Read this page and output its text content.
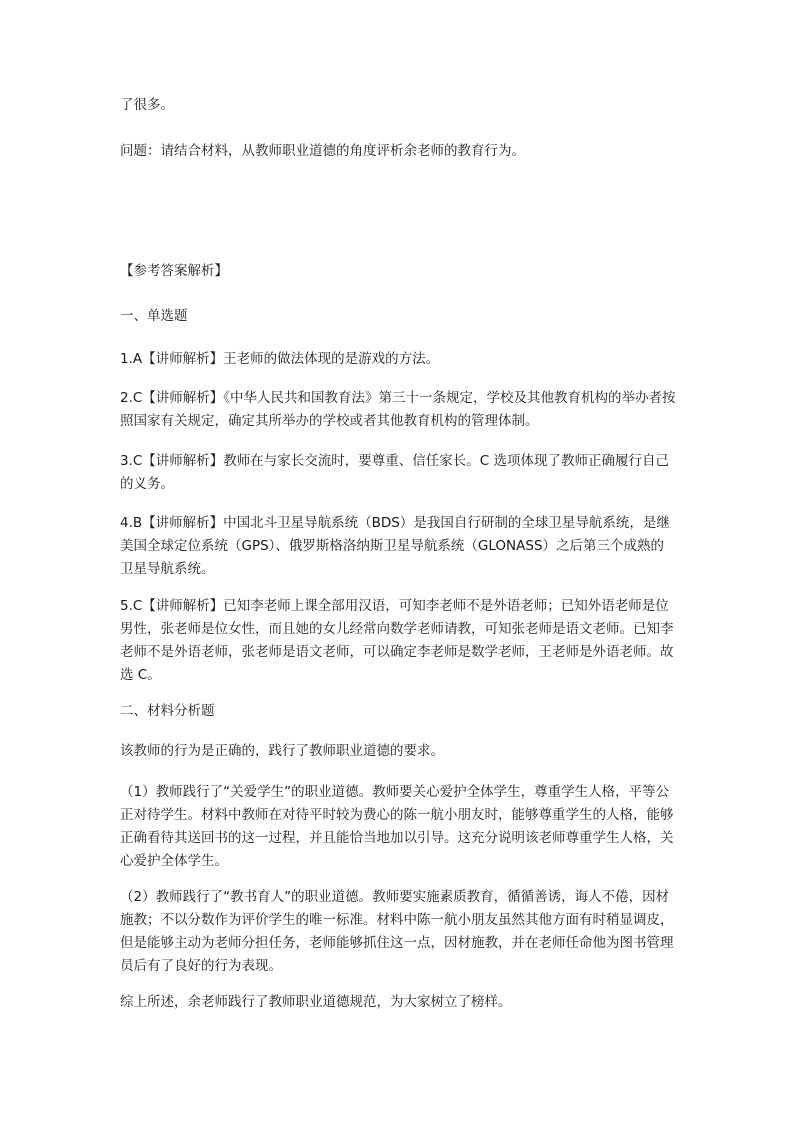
了很多。

问题：请结合材料，从教师职业道德的角度评析余老师的教育行为。

【参考答案解析】

一、单选题

1.A【讲师解析】王老师的做法体现的是游戏的方法。

2.C【讲师解析】《中华人民共和国教育法》第三十一条规定，学校及其他教育机构的举办者按照国家有关规定，确定其所举办的学校或者其他教育机构的管理体制。

3.C【讲师解析】教师在与家长交流时，要尊重、信任家长。C 选项体现了教师正确履行自己的义务。

4.B【讲师解析】中国北斗卫星导航系统（BDS）是我国自行研制的全球卫星导航系统，是继美国全球定位系统（GPS）、俄罗斯格洛纳斯卫星导航系统（GLONASS）之后第三个成熟的卫星导航系统。

5.C【讲师解析】已知李老师上课全部用汉语，可知李老师不是外语老师；已知外语老师是位男性，张老师是位女性，而且她的女儿经常向数学老师请教，可知张老师是语文老师。已知李老师不是外语老师，张老师是语文老师，可以确定李老师是数学老师，王老师是外语老师。故选 C。

二、材料分析题

该教师的行为是正确的，践行了教师职业道德的要求。

（1）教师践行了“关爱学生”的职业道德。教师要关心爱护全体学生，尊重学生人格，平等公正对待学生。材料中教师在对待平时较为费心的陈一航小朋友时，能够尊重学生的人格，能够正确看待其送回书的这一过程，并且能恰当地加以引导。这充分说明该老师尊重学生人格，关心爱护全体学生。

（2）教师践行了“教书育人”的职业道德。教师要实施素质教育，循循善诱，诲人不倦，因材施教；不以分数作为评价学生的唯一标准。材料中陈一航小朋友虽然其他方面有时稍显调皮，但是能够主动为老师分担任务，老师能够抓住这一点，因材施教，并在老师任命他为图书管理员后有了良好的行为表现。

综上所述，余老师践行了教师职业道德规范，为大家树立了榜样。
